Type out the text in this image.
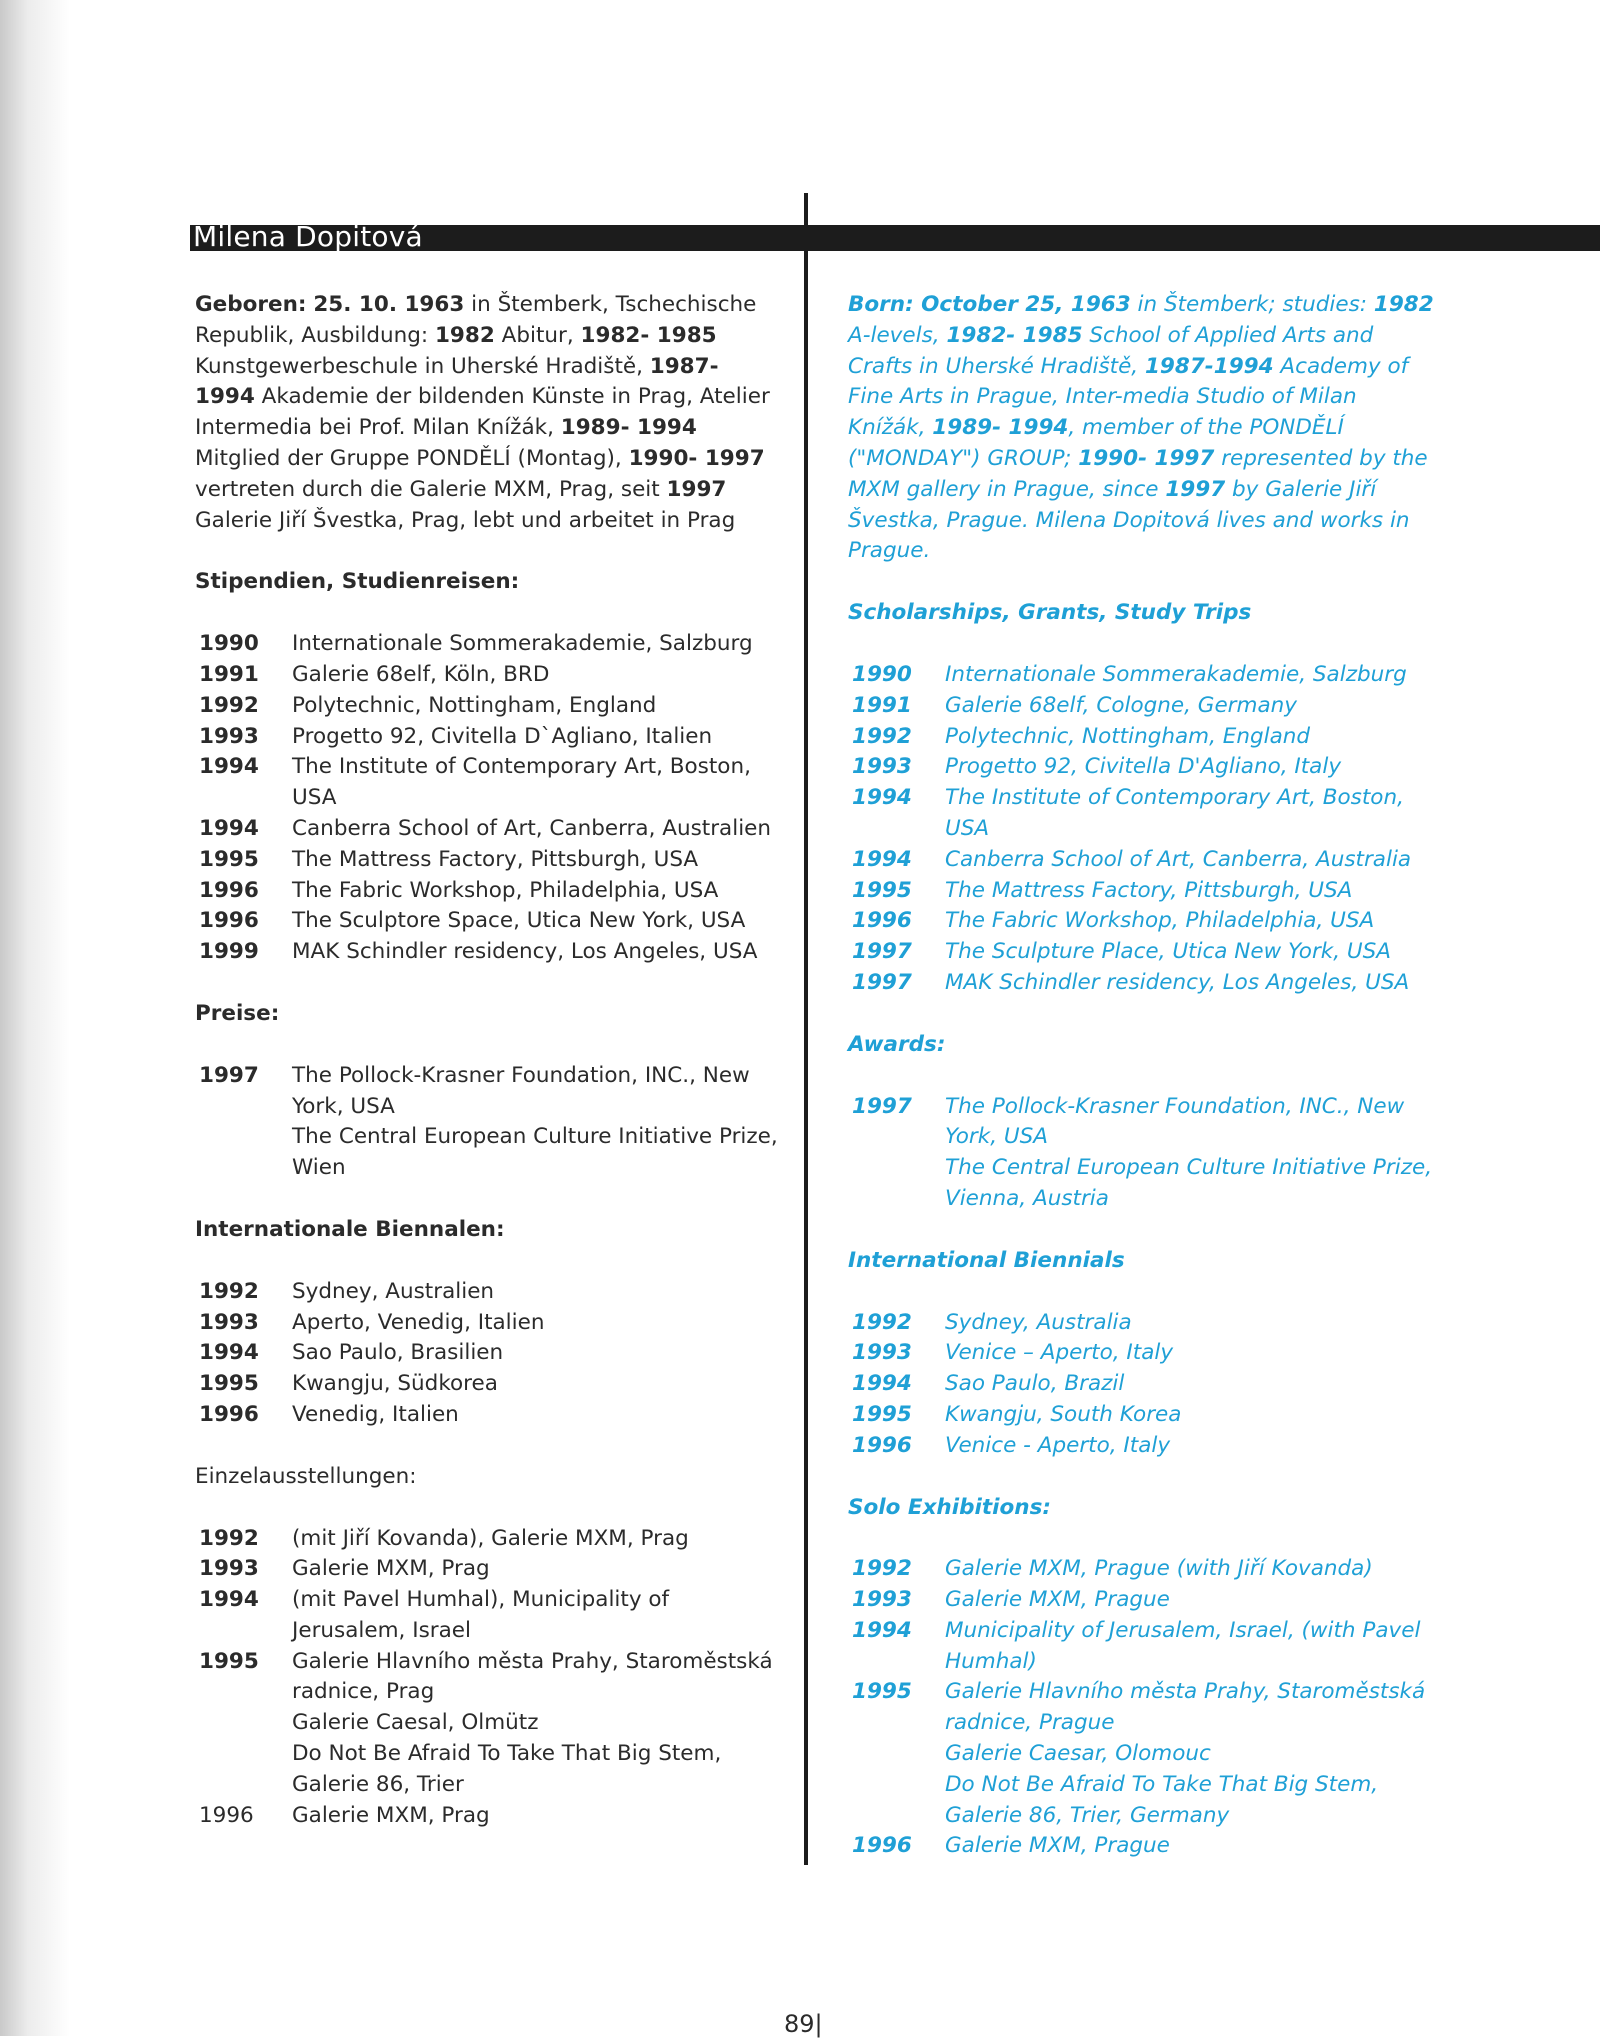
Milena Dopitová

Geboren: 25. 10. 1963 in Štemberk, Tschechische Republik, Ausbildung: 1982 Abitur, 1982- 1985 Kunstgewerbeschule in Uherské Hradiště, 1987- 1994 Akademie der bildenden Künste in Prag, Atelier Intermedia bei Prof. Milan Knížák, 1989- 1994 Mitglied der Gruppe PONDĚLÍ (Montag), 1990- 1997 vertreten durch die Galerie MXM, Prag, seit 1997 Galerie Jiří Švestka, Prag, lebt und arbeitet in Prag

Stipendien, Studienreisen:

1990	Internationale Sommerakademie, Salzburg
1991	Galerie 68elf, Köln, BRD
1992	Polytechnic, Nottingham, England
1993	Progetto 92, Civitella D`Agliano, Italien
1994	The Institute of Contemporary Art, Boston, USA
1994	Canberra School of Art, Canberra, Australien
1995	The Mattress Factory, Pittsburgh, USA
1996	The Fabric Workshop, Philadelphia, USA
1996	The Sculptore Space, Utica New York, USA
1999	MAK Schindler residency, Los Angeles, USA

Preise:

1997	The Pollock-Krasner Foundation, INC., New York, USA
The Central European Culture Initiative Prize, Wien

Internationale Biennalen:

1992	Sydney, Australien
1993	Aperto, Venedig, Italien
1994	Sao Paulo, Brasilien
1995	Kwangju, Südkorea
1996	Venedig, Italien

Einzelausstellungen:

1992	(mit Jiří Kovanda), Galerie MXM, Prag
1993	Galerie MXM, Prag
1994	(mit Pavel Humhal), Municipality of Jerusalem, Israel
1995	Galerie Hlavního města Prahy, Staroměstská radnice, Prag
Galerie Caesal, Olmütz
Do Not Be Afraid To Take That Big Stem, Galerie 86, Trier
1996	Galerie MXM, Prag

Born: October 25, 1963 in Štemberk; studies: 1982 A-levels, 1982- 1985 School of Applied Arts and Crafts in Uherské Hradiště, 1987-1994 Academy of Fine Arts in Prague, Inter-media Studio of Milan Knížák, 1989- 1994, member of the PONDĚLÍ ("MONDAY") GROUP; 1990- 1997 represented by the MXM gallery in Prague, since 1997 by Galerie Jiří Švestka, Prague. Milena Dopitová lives and works in Prague.

Scholarships, Grants, Study Trips

1990	Internationale Sommerakademie, Salzburg
1991	Galerie 68elf, Cologne, Germany
1992	Polytechnic, Nottingham, England
1993	Progetto 92, Civitella D'Agliano, Italy
1994	The Institute of Contemporary Art, Boston, USA
1994	Canberra School of Art, Canberra, Australia
1995	The Mattress Factory, Pittsburgh, USA
1996	The Fabric Workshop, Philadelphia, USA
1997	The Sculpture Place, Utica New York, USA
1997	MAK Schindler residency, Los Angeles, USA

Awards:

1997	The Pollock-Krasner Foundation, INC., New York, USA
The Central European Culture Initiative Prize, Vienna, Austria

International Biennials

1992	Sydney, Australia
1993	Venice – Aperto, Italy
1994	Sao Paulo, Brazil
1995	Kwangju, South Korea
1996	Venice - Aperto, Italy

Solo Exhibitions:

1992	Galerie MXM, Prague (with Jiří Kovanda)
1993	Galerie MXM, Prague
1994	Municipality of Jerusalem, Israel, (with Pavel Humhal)
1995	Galerie Hlavního města Prahy, Staroměstská radnice, Prague
Galerie Caesar, Olomouc
Do Not Be Afraid To Take That Big Stem, Galerie 86, Trier, Germany
1996	Galerie MXM, Prague
89|
